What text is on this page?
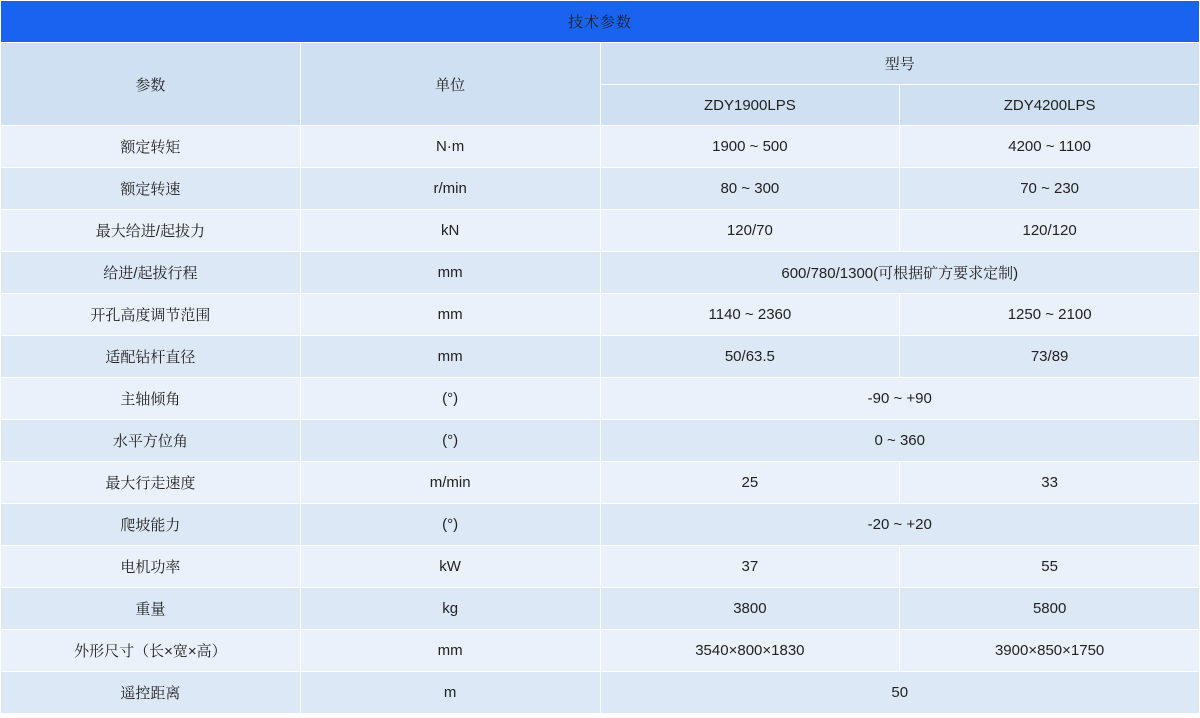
技术参数			
参数	单位	型号	
		ZDY1900LPS	ZDY4200LPS
额定转矩	N·m	1900 ~ 500	4200 ~ 1100
额定转速	r/min	80 ~ 300	70 ~ 230
最大给进/起拔力	kN	120/70	120/120
给进/起拔行程	mm	600/780/1300(可根据矿方要求定制)	
开孔高度调节范围	mm	1140 ~ 2360	1250 ~ 2100
适配钻杆直径	mm	50/63.5	73/89
主轴倾角	(°)	-90 ~ +90	
水平方位角	(°)	0 ~ 360	
最大行走速度	m/min	25	33
爬坡能力	(°)	-20 ~ +20	
电机功率	kW	37	55
重量	kg	3800	5800
外形尺寸（长×宽×高）	mm	3540×800×1830	3900×850×1750
遥控距离	m	50	
